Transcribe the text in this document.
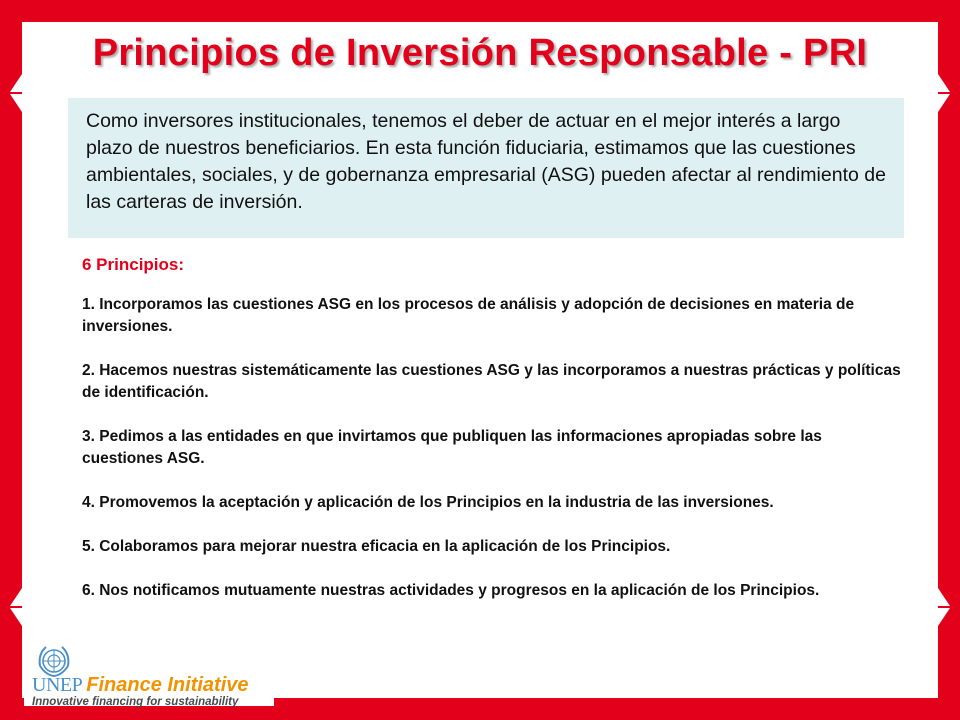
Principios de Inversión Responsable - PRI
Como inversores institucionales, tenemos el deber de actuar en el mejor interés a largo plazo de nuestros beneficiarios. En esta función fiduciaria, estimamos que las cuestiones ambientales, sociales, y de gobernanza empresarial (ASG) pueden afectar al rendimiento de las carteras de inversión.
6 Principios:
1. Incorporamos las cuestiones ASG en los procesos de análisis y adopción de decisiones en materia de inversiones.
2. Hacemos nuestras sistemáticamente las cuestiones ASG y las incorporamos a nuestras prácticas y políticas de identificación.
3. Pedimos a las entidades en que invirtamos que publiquen las informaciones apropiadas sobre las cuestiones ASG.
4. Promovemos la aceptación y aplicación de los Principios en la industria de las inversiones.
5. Colaboramos para mejorar nuestra eficacia en la aplicación de los Principios.
6. Nos notificamos mutuamente nuestras actividades y progresos en la aplicación de los Principios.
UNEP Finance Initiative
Innovative financing for sustainability
